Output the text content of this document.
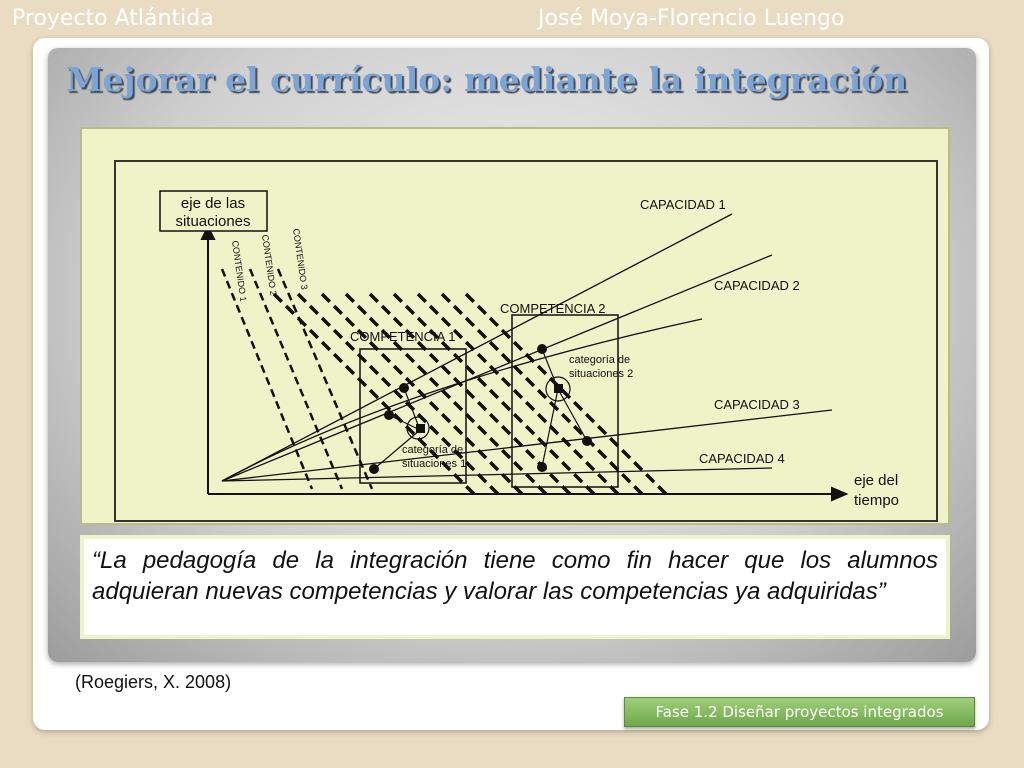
Proyecto Atlántida	José Moya-Florencio Luengo
Mejorar el currículo: mediante la integración
eje de las
situaciones
eje del
tiempo
CONTENIDO 1 CONTENIDO 2 CONTENIDO 3
CAPACIDAD 1
CAPACIDAD 2
CAPACIDAD 3
CAPACIDAD 4
COMPETENCIA 1
COMPETENCIA 2
categoría de
situaciones 1
categoría de
situaciones 2
“La pedagogía de la integración tiene como fin hacer que los alumnos adquieran nuevas competencias y valorar las competencias ya adquiridas”
(Roegiers, X. 2008)
Fase 1.2 Diseñar proyectos integrados
